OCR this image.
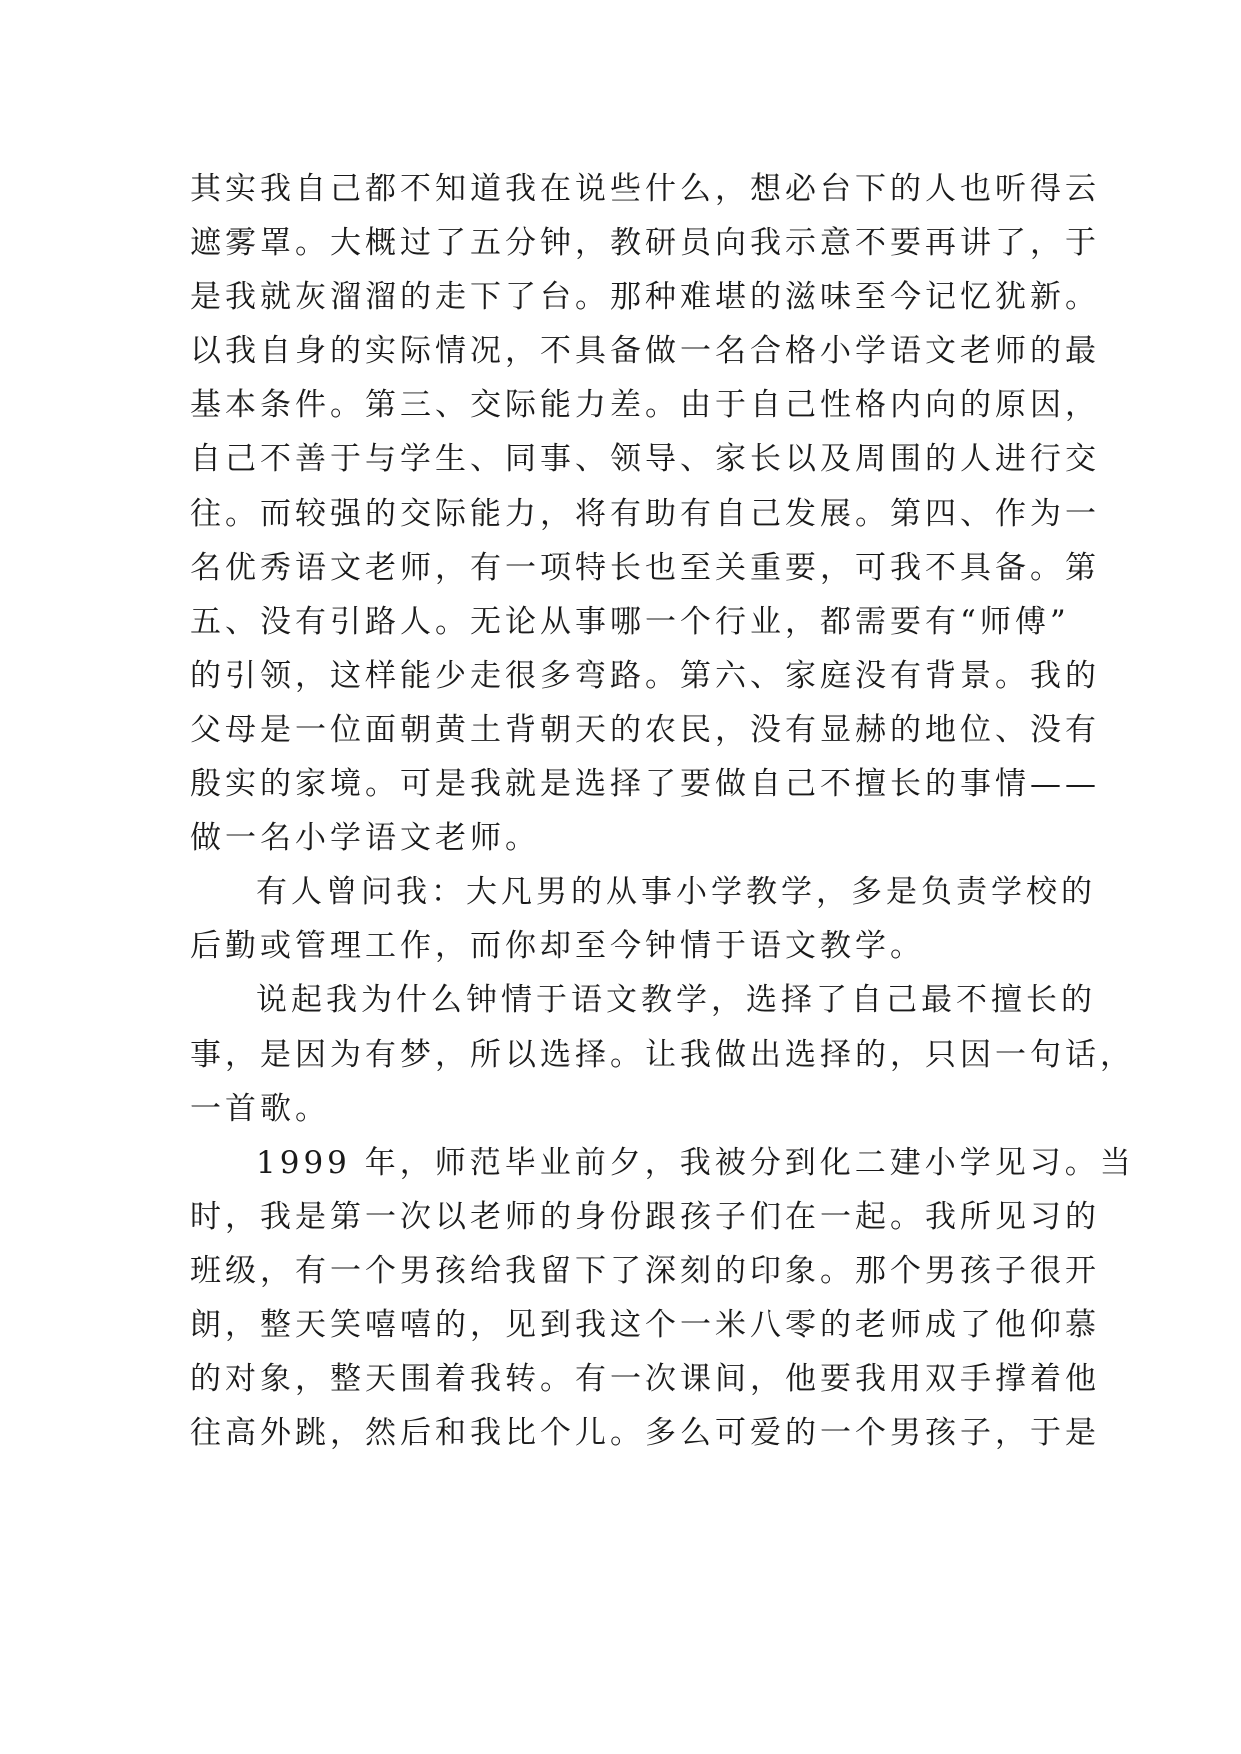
其实我自己都不知道我在说些什么，想必台下的人也听得云
遮雾罩。大概过了五分钟，教研员向我示意不要再讲了，于
是我就灰溜溜的走下了台。那种难堪的滋味至今记忆犹新。
以我自身的实际情况，不具备做一名合格小学语文老师的最
基本条件。第三、交际能力差。由于自己性格内向的原因，
自己不善于与学生、同事、领导、家长以及周围的人进行交
往。而较强的交际能力，将有助有自己发展。第四、作为一
名优秀语文老师，有一项特长也至关重要，可我不具备。第
五、没有引路人。无论从事哪一个行业，都需要有“师傅”
的引领，这样能少走很多弯路。第六、家庭没有背景。我的
父母是一位面朝黄土背朝天的农民，没有显赫的地位、没有
殷实的家境。可是我就是选择了要做自己不擅长的事情——
做一名小学语文老师。
有人曾问我：大凡男的从事小学教学，多是负责学校的
后勤或管理工作，而你却至今钟情于语文教学。
说起我为什么钟情于语文教学，选择了自己最不擅长的
事，是因为有梦，所以选择。让我做出选择的，只因一句话，
一首歌。
1999 年，师范毕业前夕，我被分到化二建小学见习。当
时，我是第一次以老师的身份跟孩子们在一起。我所见习的
班级，有一个男孩给我留下了深刻的印象。那个男孩子很开
朗，整天笑嘻嘻的，见到我这个一米八零的老师成了他仰慕
的对象，整天围着我转。有一次课间，他要我用双手撑着他
往高外跳，然后和我比个儿。多么可爱的一个男孩子，于是
